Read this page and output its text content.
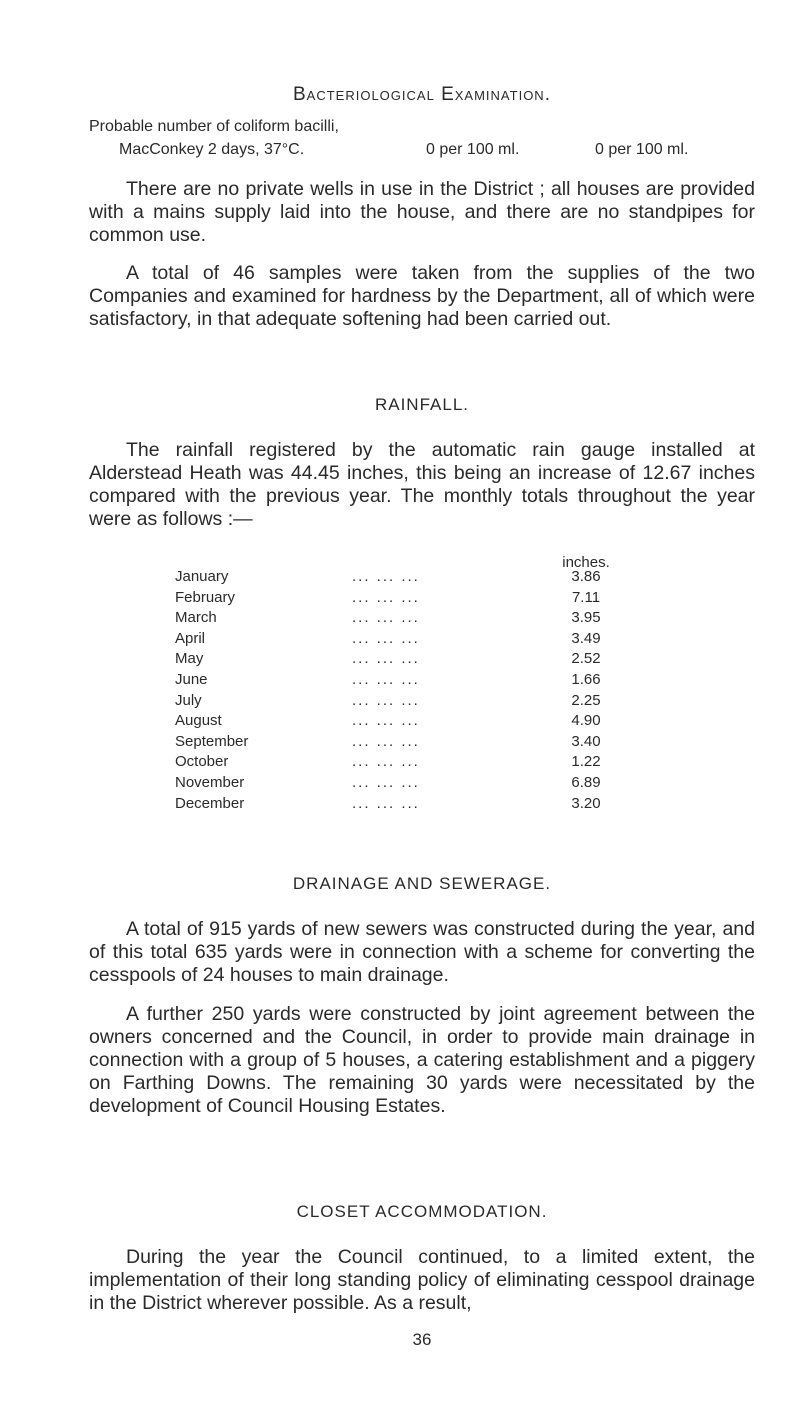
Bacteriological Examination.
Probable number of coliform bacilli,
MacConkey 2 days, 37°C.	0 per 100 ml.	0 per 100 ml.

There are no private wells in use in the District ; all houses are provided with a mains supply laid into the house, and there are no standpipes for common use.

A total of 46 samples were taken from the supplies of the two Companies and examined for hardness by the Department, all of which were satisfactory, in that adequate softening had been carried out.

RAINFALL.

The rainfall registered by the automatic rain gauge installed at Alderstead Heath was 44.45 inches, this being an increase of 12.67 inches compared with the previous year. The monthly totals throughout the year were as follows :—

inches.
January	... ... ...	3.86
February	... ... ...	7.11
March	... ... ...	3.95
April	... ... ...	3.49
May	... ... ...	2.52
June	... ... ...	1.66
July	... ... ...	2.25
August	... ... ...	4.90
September	... ... ...	3.40
October	... ... ...	1.22
November	... ... ...	6.89
December	... ... ...	3.20
DRAINAGE AND SEWERAGE.

A total of 915 yards of new sewers was constructed during the year, and of this total 635 yards were in connection with a scheme for converting the cesspools of 24 houses to main drainage.

A further 250 yards were constructed by joint agreement between the owners concerned and the Council, in order to provide main drainage in connection with a group of 5 houses, a catering establishment and a piggery on Farthing Downs. The remaining 30 yards were necessitated by the development of Council Housing Estates.

CLOSET ACCOMMODATION.

During the year the Council continued, to a limited extent, the implementation of their long standing policy of eliminating cesspool drainage in the District wherever possible. As a result,

36
